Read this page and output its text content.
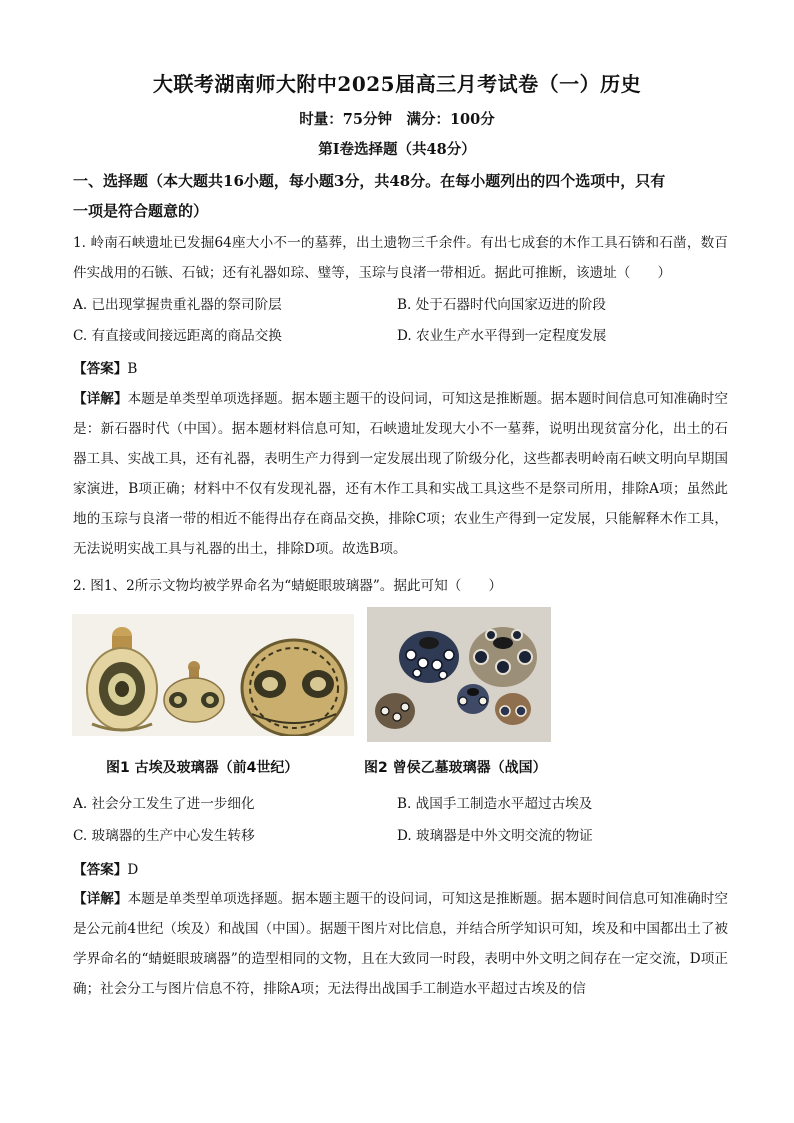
大联考湖南师大附中2025届高三月考试卷（一）历史
时量：75分钟　满分：100分
第Ⅰ卷选择题（共48分）
一、选择题（本大题共16小题，每小题3分，共48分。在每小题列出的四个选项中，只有
一项是符合题意的）
1. 岭南石峡遗址已发掘64座大小不一的墓葬，出土遗物三千余件。有出七成套的木作工具石锛和石凿，数百件实战用的石镞、石钺；还有礼器如琮、璧等，玉琮与良渚一带相近。据此可推断，该遗址（　　）
A. 已出现掌握贵重礼器的祭司阶层	B. 处于石器时代向国家迈进的阶段
C. 有直接或间接远距离的商品交换	D. 农业生产水平得到一定程度发展
【答案】B
【详解】本题是单类型单项选择题。据本题主题干的设问词，可知这是推断题。据本题时间信息可知准确时空是：新石器时代（中国）。据本题材料信息可知，石峡遗址发现大小不一墓葬，说明出现贫富分化，出土的石器工具、实战工具，还有礼器，表明生产力得到一定发展出现了阶级分化，这些都表明岭南石峡文明向早期国家演进，B项正确；材料中不仅有发现礼器，还有木作工具和实战工具这些不是祭司所用，排除A项；虽然此地的玉琮与良渚一带的相近不能得出存在商品交换，排除C项；农业生产得到一定发展，只能解释木作工具，无法说明实战工具与礼器的出土，排除D项。故选B项。
2. 图1、2所示文物均被学界命名为“蜻蜓眼玻璃器”。据此可知（　　）
图1 古埃及玻璃器（前4世纪）	图2 曾侯乙墓玻璃器（战国）
A. 社会分工发生了进一步细化	B. 战国手工制造水平超过古埃及
C. 玻璃器的生产中心发生转移	D. 玻璃器是中外文明交流的物证
【答案】D
【详解】本题是单类型单项选择题。据本题主题干的设问词，可知这是推断题。据本题时间信息可知准确时空是公元前4世纪（埃及）和战国（中国）。据题干图片对比信息，并结合所学知识可知，埃及和中国都出土了被学界命名的“蜻蜓眼玻璃器”的造型相同的文物，且在大致同一时段，表明中外文明之间存在一定交流，D项正确；社会分工与图片信息不符，排除A项；无法得出战国手工制造水平超过古埃及的信
